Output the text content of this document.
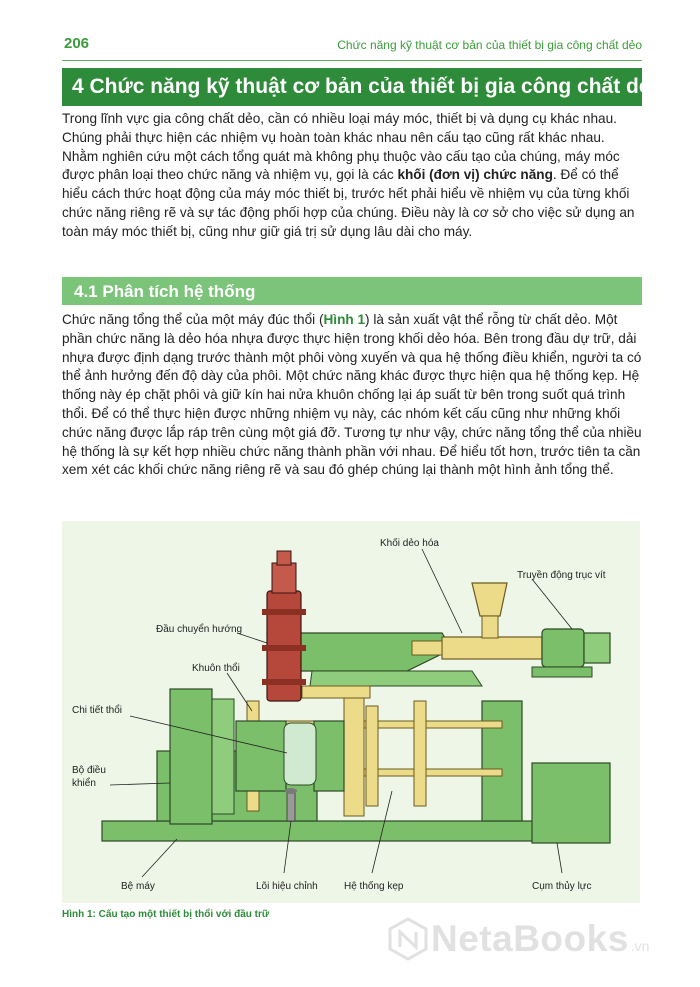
206	Chức năng kỹ thuật cơ bản của thiết bị gia công chất dẻo
4 Chức năng kỹ thuật cơ bản của thiết bị gia công chất dẻo

Trong lĩnh vực gia công chất dẻo, cần có nhiều loại máy móc, thiết bị và dụng cụ khác nhau. Chúng phải thực hiện các nhiệm vụ hoàn toàn khác nhau nên cấu tạo cũng rất khác nhau. Nhằm nghiên cứu một cách tổng quát mà không phụ thuộc vào cấu tạo của chúng, máy móc được phân loại theo chức năng và nhiệm vụ, gọi là các khối (đơn vị) chức năng. Để có thể hiểu cách thức hoạt động của máy móc thiết bị, trước hết phải hiểu về nhiệm vụ của từng khối chức năng riêng rẽ và sự tác động phối hợp của chúng. Điều này là cơ sở cho việc sử dụng an toàn máy móc thiết bị, cũng như giữ giá trị sử dụng lâu dài cho máy.

4.1 Phân tích hệ thống

Chức năng tổng thể của một máy đúc thổi (Hình 1) là sản xuất vật thể rỗng từ chất dẻo. Một phần chức năng là dẻo hóa nhựa được thực hiện trong khối dẻo hóa. Bên trong đầu dự trữ, dải nhựa được định dạng trước thành một phôi vòng xuyến và qua hệ thống điều khiển, người ta có thể ảnh hưởng đến độ dày của phôi. Một chức năng khác được thực hiện qua hệ thống kẹp. Hệ thống này ép chặt phôi và giữ kín hai nửa khuôn chống lại áp suất từ bên trong suốt quá trình thổi. Để có thể thực hiện được những nhiệm vụ này, các nhóm kết cấu cũng như những khối chức năng được lắp ráp trên cùng một giá đỡ. Tương tự như vậy, chức năng tổng thể của nhiều hệ thống là sự kết hợp nhiều chức năng thành phần với nhau. Để hiểu tốt hơn, trước tiên ta cần xem xét các khối chức năng riêng rẽ và sau đó ghép chúng lại thành một hình ảnh tổng thể.

Khối dẻo hóa
Truyền động trục vít
Đầu chuyển hướng
Khuôn thổi
Chi tiết thổi
Bộ điều
khiển
Bệ máy	Lõi hiệu chỉnh	Hệ thống kẹp	Cụm thủy lực
Hình 1: Cấu tạo một thiết bị thổi với đầu trữ
NetaBooks .vn
